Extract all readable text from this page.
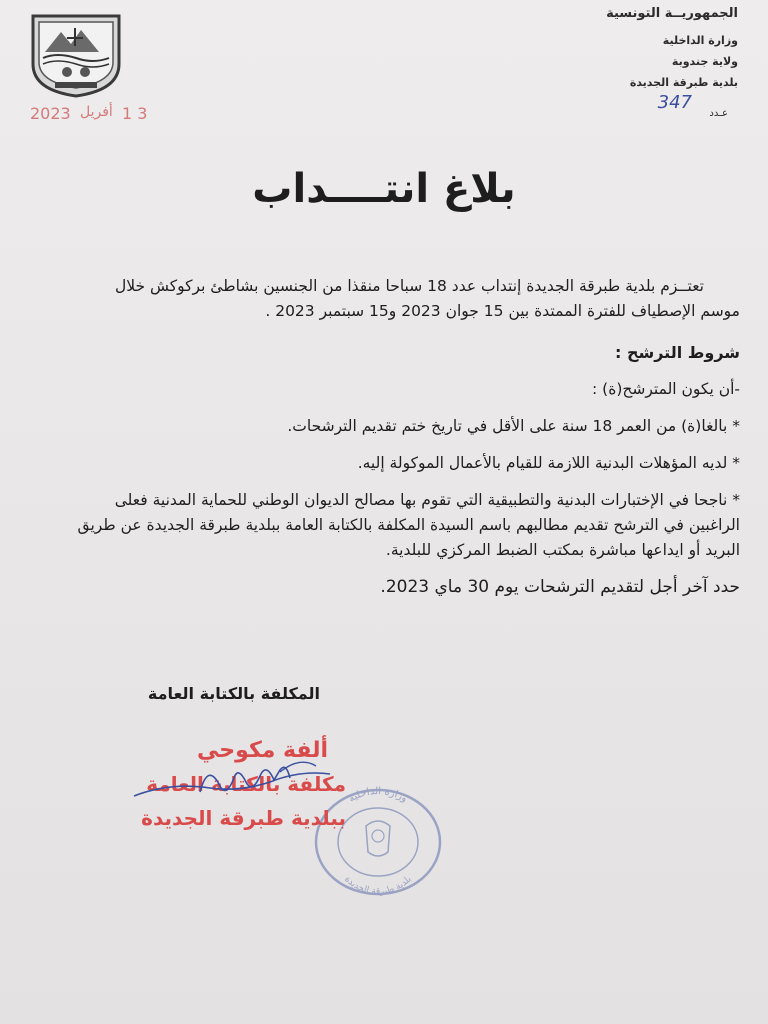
2023 أفريل 1 3
الجمهوريــة التونسية
وزارة الداخلية
ولاية جندوبة
بلدية طبرقة الجديدة
عـدد
347
بلاغ انتــــداب
تعتــزم بلدية طبرقة الجديدة إنتداب عدد 18 سباحا منقذا من الجنسين بشاطئ بركوكش خلال
موسم الإصطياف للفترة الممتدة بين 15 جوان 2023 و15 سبتمبر 2023 .
شروط الترشح :
-أن يكون المترشح(ة) :
* بالغا(ة) من العمر 18 سنة على الأقل في تاريخ ختم تقديم الترشحات.
* لديه المؤهلات البدنية اللازمة للقيام بالأعمال الموكولة إليه.
* ناجحا في الإختبارات البدنية والتطبيقية التي تقوم بها مصالح الديوان الوطني للحماية المدنية فعلى
الراغبين في الترشح تقديم مطالبهم باسم السيدة المكلفة بالكتابة العامة ببلدية طبرقة الجديدة عن طريق
البريد أو ايداعها مباشرة بمكتب الضبط المركزي للبلدية.
حدد آخر أجل لتقديم الترشحات يوم 30 ماي 2023.
المكلفة بالكتابة العامة
وزارة الداخلية
بلدية طبرقة الجديدة
ألفة مكوحي
مكلفة بالكتابة العامة
ببلدية طبرقة الجديدة
